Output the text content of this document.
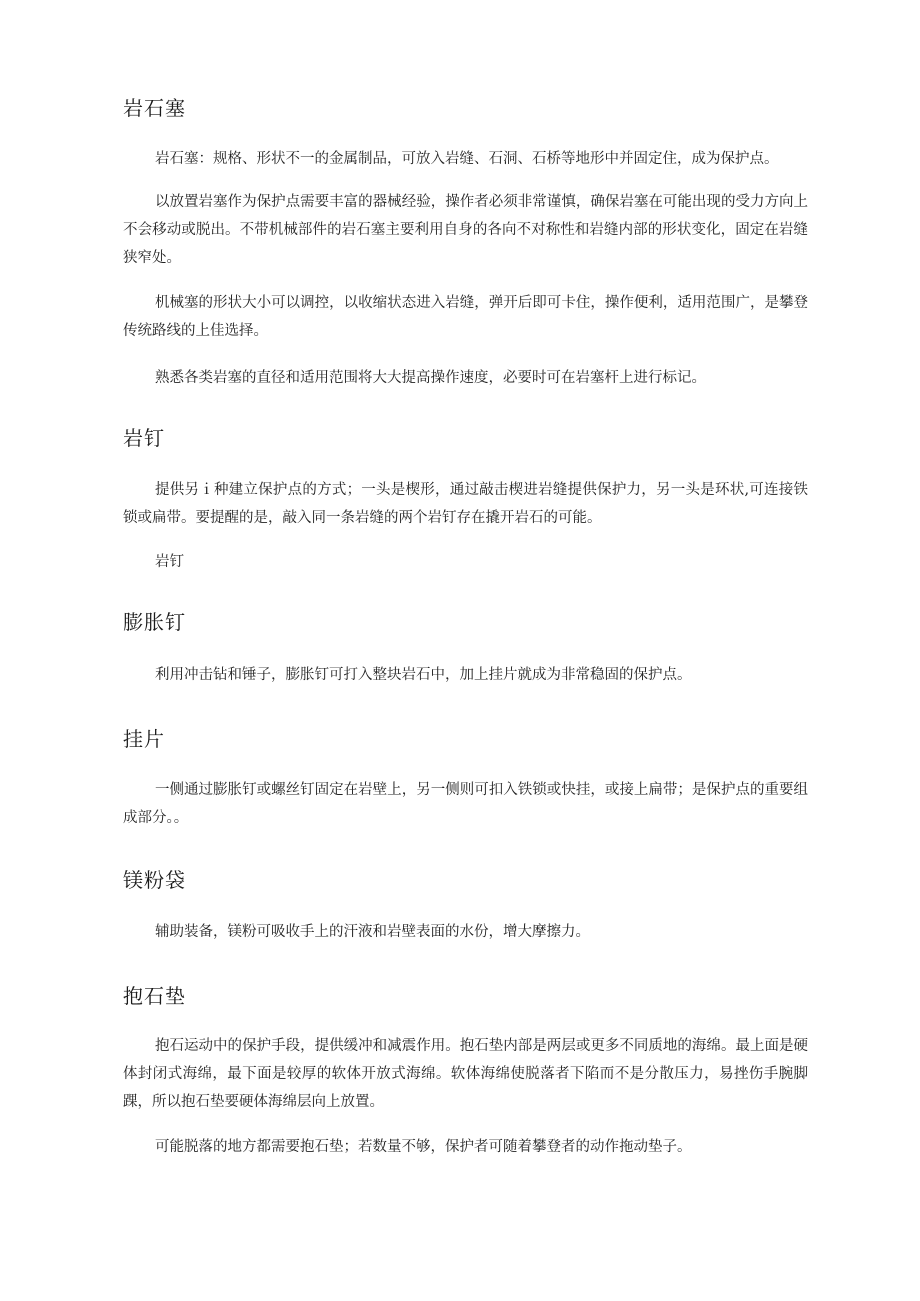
岩石塞
岩石塞：规格、形状不一的金属制品，可放入岩缝、石洞、石桥等地形中并固定住，成为保护点。
以放置岩塞作为保护点需要丰富的器械经验，操作者必须非常谨慎，确保岩塞在可能出现的受力方向上不会移动或脱出。不带机械部件的岩石塞主要利用自身的各向不对称性和岩缝内部的形状变化，固定在岩缝狭窄处。
机械塞的形状大小可以调控，以收缩状态进入岩缝，弹开后即可卡住，操作便利，适用范围广，是攀登传统路线的上佳选择。
熟悉各类岩塞的直径和适用范围将大大提高操作速度，必要时可在岩塞杆上进行标记。
岩钉
提供另ｉ种建立保护点的方式；一头是楔形，通过敲击楔进岩缝提供保护力，另一头是环状,可连接铁锁或扁带。要提醒的是，敲入同一条岩缝的两个岩钉存在撬开岩石的可能。
岩钉
膨胀钉
利用冲击钻和锤子，膨胀钉可打入整块岩石中，加上挂片就成为非常稳固的保护点。
挂片
一侧通过膨胀钉或螺丝钉固定在岩壁上，另一侧则可扣入铁锁或快挂，或接上扁带；是保护点的重要组成部分。。
镁粉袋
辅助装备，镁粉可吸收手上的汗液和岩壁表面的水份，增大摩擦力。
抱石垫
抱石运动中的保护手段，提供缓冲和减震作用。抱石垫内部是两层或更多不同质地的海绵。最上面是硬体封闭式海绵，最下面是较厚的软体开放式海绵。软体海绵使脱落者下陷而不是分散压力，易挫伤手腕脚踝，所以抱石垫要硬体海绵层向上放置。
可能脱落的地方都需要抱石垫；若数量不够，保护者可随着攀登者的动作拖动垫子。
